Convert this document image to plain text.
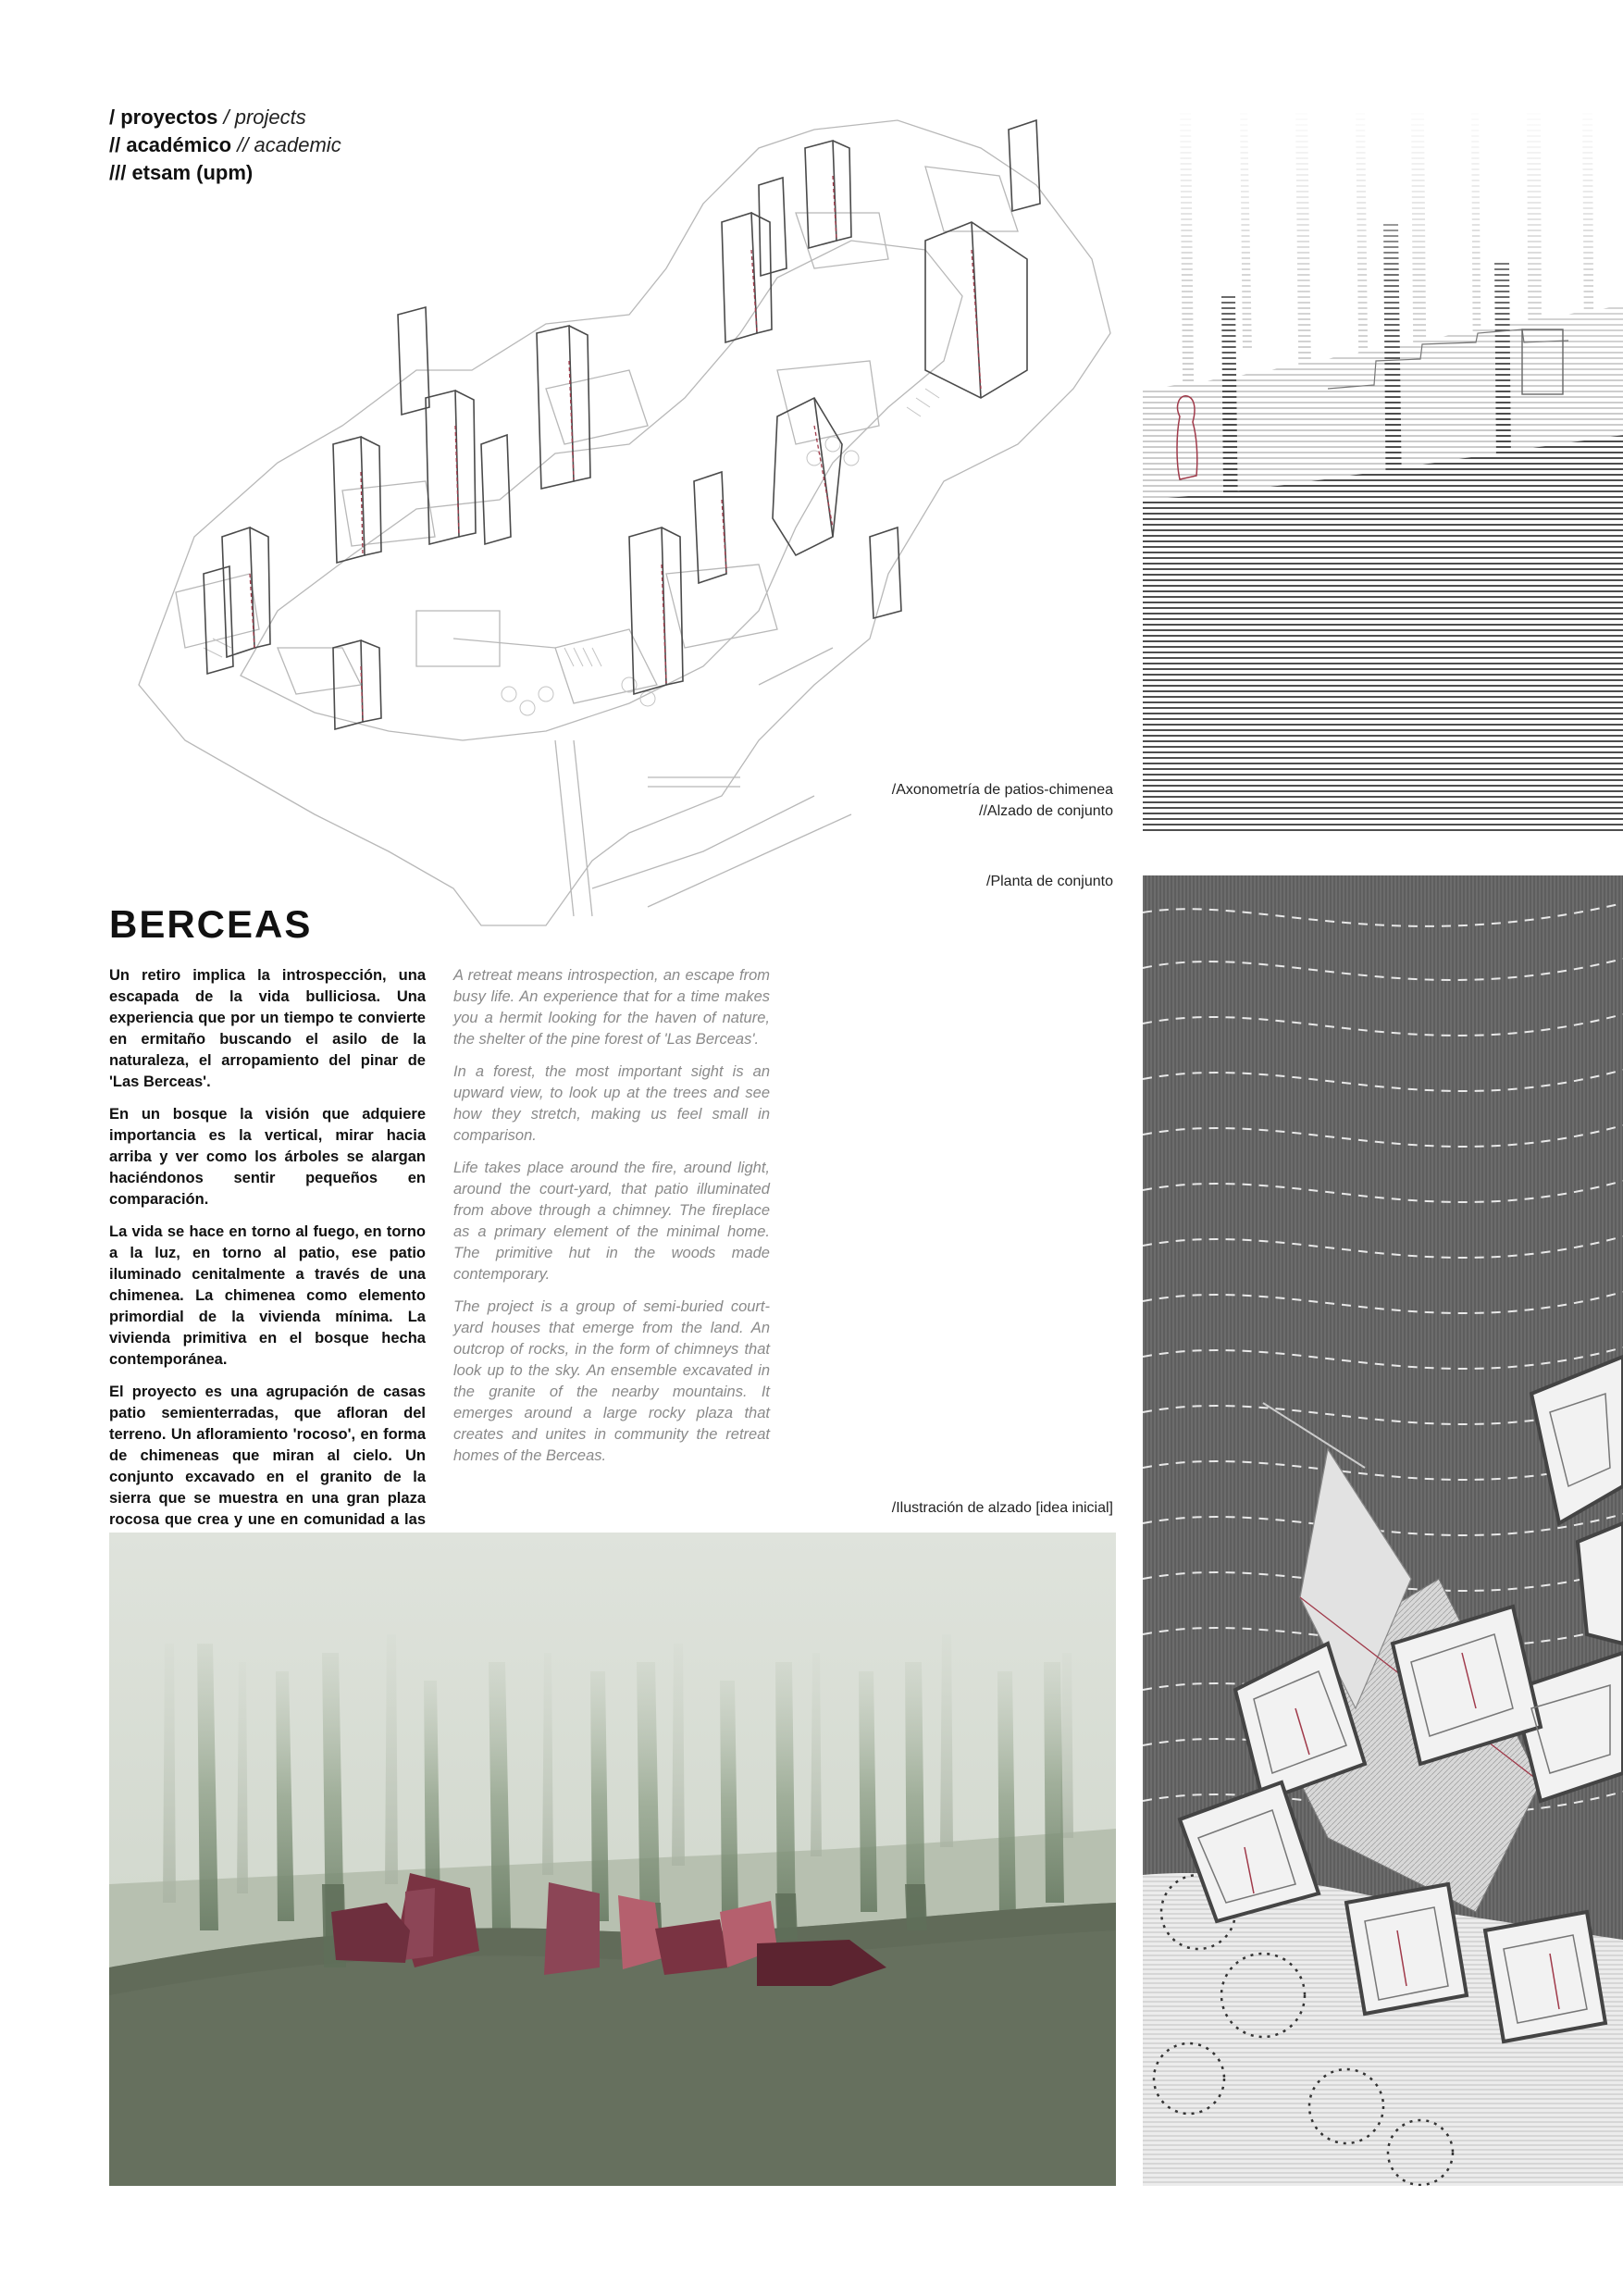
/ proyectos / projects
// académico // academic
/// etsam (upm)
/Axonometría de patios-chimenea
//Alzado de conjunto
/Planta de conjunto
/Ilustración de alzado [idea inicial]
BERCEAS

Un retiro implica la introspección, una escapada de la vida bulliciosa. Una experiencia que por un tiempo te convierte en ermitaño buscando el asilo de la naturaleza, el arropamiento del pinar de 'Las Berceas'.

En un bosque la visión que adquiere importancia es la vertical, mirar hacia arriba y ver como los árboles se alargan haciéndonos sentir pequeños en comparación.

La vida se hace en torno al fuego, en torno a la luz, en torno al patio, ese patio iluminado cenitalmente a través de una chimenea. La chimenea como elemento primordial de la vivienda mínima. La vivienda primitiva en el bosque hecha contemporánea.

El proyecto es una agrupación de casas patio semienterradas, que afloran del terreno. Un afloramiento 'rocoso', en forma de chimeneas que miran al cielo. Un conjunto excavado en el granito de la sierra que se muestra en una gran plaza rocosa que crea y une en comunidad a las

A retreat means introspection, an escape from busy life. An experience that for a time makes you a hermit looking for the haven of nature, the shelter of the pine forest of 'Las Berceas'.

In a forest, the most important sight is an upward view, to look up at the trees and see how they stretch, making us feel small in comparison.

Life takes place around the fire, around light, around the court-yard, that patio illuminated from above through a chimney. The fireplace as a primary element of the minimal home. The primitive hut in the woods made contemporary.

The project is a group of semi-buried court-yard houses that emerge from the land. An outcrop of rocks, in the form of chimneys that look up to the sky. An ensemble excavated in the granite of the nearby mountains. It emerges around a large rocky plaza that creates and unites in community the retreat homes of the Berceas.
